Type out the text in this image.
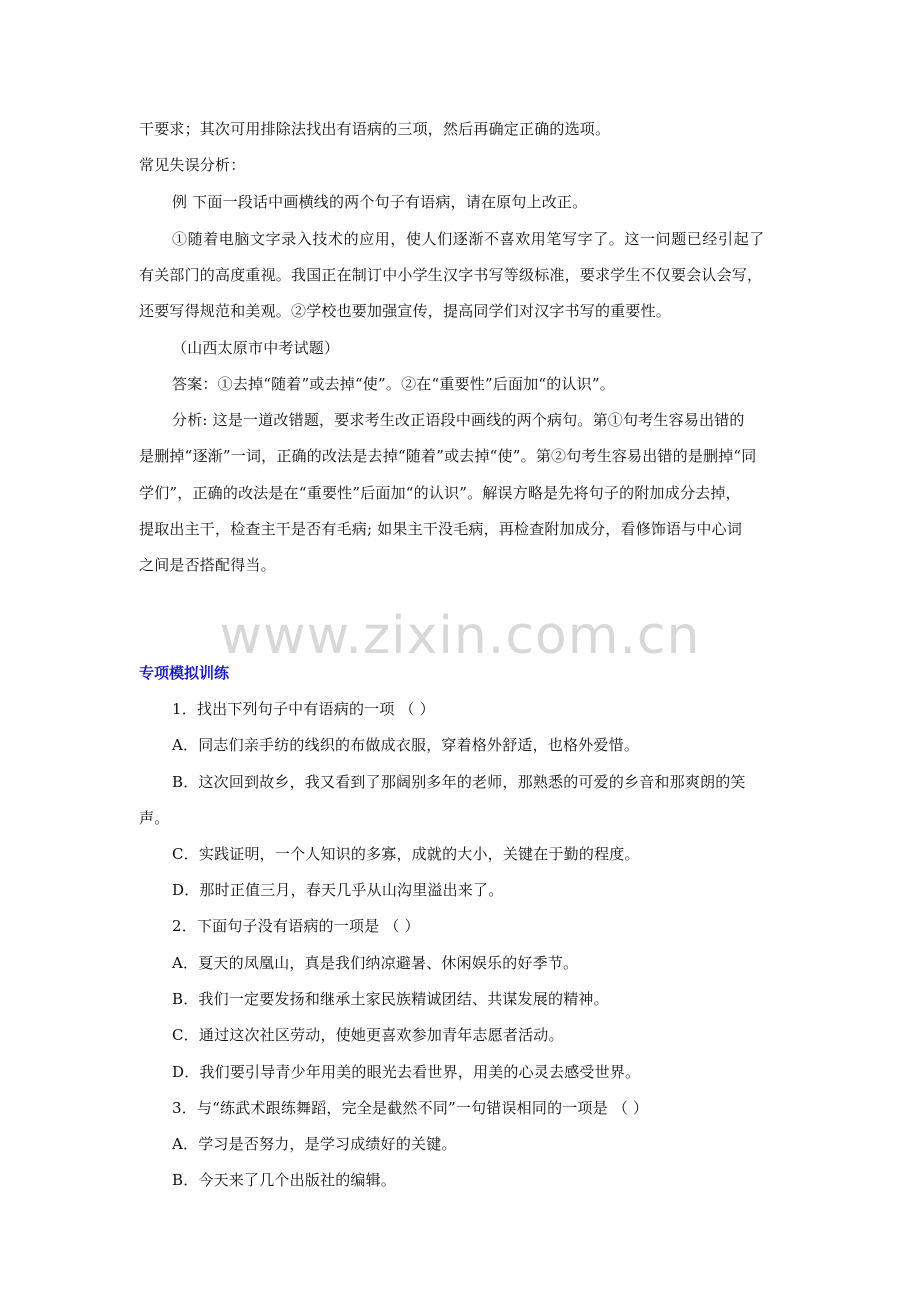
干要求；其次可用排除法找出有语病的三项，然后再确定正确的选项。
常见失误分析：
例 下面一段话中画横线的两个句子有语病，请在原句上改正。
①随着电脑文字录入技术的应用，使人们逐渐不喜欢用笔写字了。这一问题已经引起了
有关部门的高度重视。我国正在制订中小学生汉字书写等级标准，要求学生不仅要会认会写，
还要写得规范和美观。②学校也要加强宣传，提高同学们对汉字书写的重要性。
（山西太原市中考试题）
答案：①去掉“随着”或去掉“使”。②在“重要性”后面加“的认识”。
分析: 这是一道改错题，要求考生改正语段中画线的两个病句。第①句考生容易出错的
是删掉“逐渐”一词，正确的改法是去掉“随着”或去掉“使”。第②句考生容易出错的是删掉“同
学们”，正确的改法是在“重要性”后面加“的认识”。解误方略是先将句子的附加成分去掉，
提取出主干，检查主干是否有毛病; 如果主干没毛病，再检查附加成分，看修饰语与中心词
之间是否搭配得当。
www.zixin.com.cn
专项模拟训练
1．找出下列句子中有语病的一项 （ ）
A．同志们亲手纺的线织的布做成衣服，穿着格外舒适，也格外爱惜。
B．这次回到故乡，我又看到了那阔别多年的老师，那熟悉的可爱的乡音和那爽朗的笑
声。
C．实践证明，一个人知识的多寡，成就的大小，关键在于勤的程度。
D．那时正值三月，春天几乎从山沟里溢出来了。
2．下面句子没有语病的一项是 （ ）
A．夏天的凤凰山，真是我们纳凉避暑、休闲娱乐的好季节。
B．我们一定要发扬和继承土家民族精诚团结、共谋发展的精神。
C．通过这次社区劳动，使她更喜欢参加青年志愿者活动。
D．我们要引导青少年用美的眼光去看世界，用美的心灵去感受世界。
3．与“练武术跟练舞蹈，完全是截然不同”一句错误相同的一项是 （ ）
A．学习是否努力，是学习成绩好的关键。
B．今天来了几个出版社的编辑。
